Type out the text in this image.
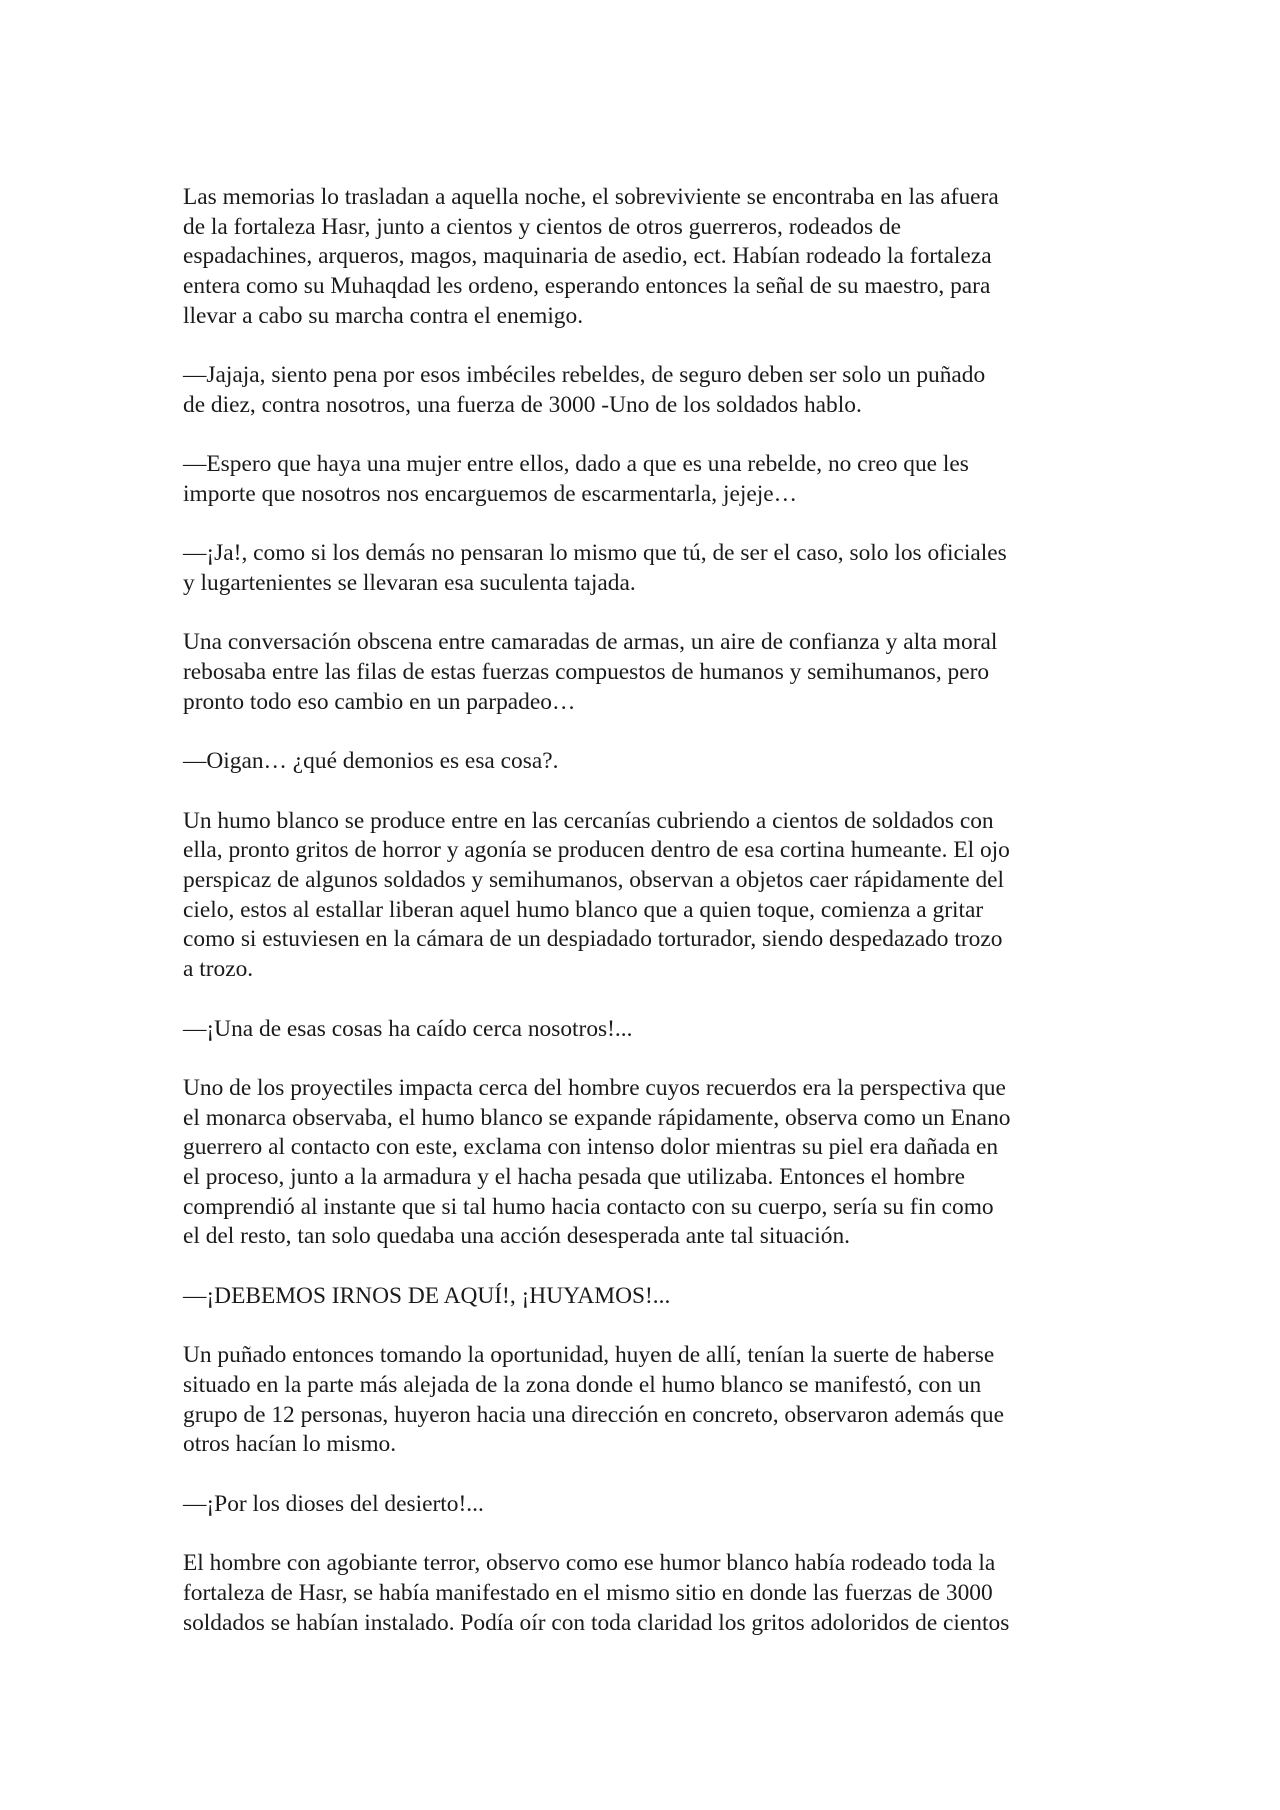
Las memorias lo trasladan a aquella noche, el sobreviviente se encontraba en las afuera
de la fortaleza Hasr, junto a cientos y cientos de otros guerreros, rodeados de
espadachines, arqueros, magos, maquinaria de asedio, ect. Habían rodeado la fortaleza
entera como su Muhaqdad les ordeno, esperando entonces la señal de su maestro, para
llevar a cabo su marcha contra el enemigo.

—Jajaja, siento pena por esos imbéciles rebeldes, de seguro deben ser solo un puñado
de diez, contra nosotros, una fuerza de 3000 -Uno de los soldados hablo.

—Espero que haya una mujer entre ellos, dado a que es una rebelde, no creo que les
importe que nosotros nos encarguemos de escarmentarla, jejeje…

—¡Ja!, como si los demás no pensaran lo mismo que tú, de ser el caso, solo los oficiales
y lugartenientes se llevaran esa suculenta tajada.

Una conversación obscena entre camaradas de armas, un aire de confianza y alta moral
rebosaba entre las filas de estas fuerzas compuestos de humanos y semihumanos, pero
pronto todo eso cambio en un parpadeo…

—Oigan… ¿qué demonios es esa cosa?.

Un humo blanco se produce entre en las cercanías cubriendo a cientos de soldados con
ella, pronto gritos de horror y agonía se producen dentro de esa cortina humeante. El ojo
perspicaz de algunos soldados y semihumanos, observan a objetos caer rápidamente del
cielo, estos al estallar liberan aquel humo blanco que a quien toque, comienza a gritar
como si estuviesen en la cámara de un despiadado torturador, siendo despedazado trozo
a trozo.

—¡Una de esas cosas ha caído cerca nosotros!...

Uno de los proyectiles impacta cerca del hombre cuyos recuerdos era la perspectiva que
el monarca observaba, el humo blanco se expande rápidamente, observa como un Enano
guerrero al contacto con este, exclama con intenso dolor mientras su piel era dañada en
el proceso, junto a la armadura y el hacha pesada que utilizaba. Entonces el hombre
comprendió al instante que si tal humo hacia contacto con su cuerpo, sería su fin como
el del resto, tan solo quedaba una acción desesperada ante tal situación.

—¡DEBEMOS IRNOS DE AQUÍ!, ¡HUYAMOS!...

Un puñado entonces tomando la oportunidad, huyen de allí, tenían la suerte de haberse
situado en la parte más alejada de la zona donde el humo blanco se manifestó, con un
grupo de 12 personas, huyeron hacia una dirección en concreto, observaron además que
otros hacían lo mismo.

—¡Por los dioses del desierto!...

El hombre con agobiante terror, observo como ese humor blanco había rodeado toda la
fortaleza de Hasr, se había manifestado en el mismo sitio en donde las fuerzas de 3000
soldados se habían instalado. Podía oír con toda claridad los gritos adoloridos de cientos
